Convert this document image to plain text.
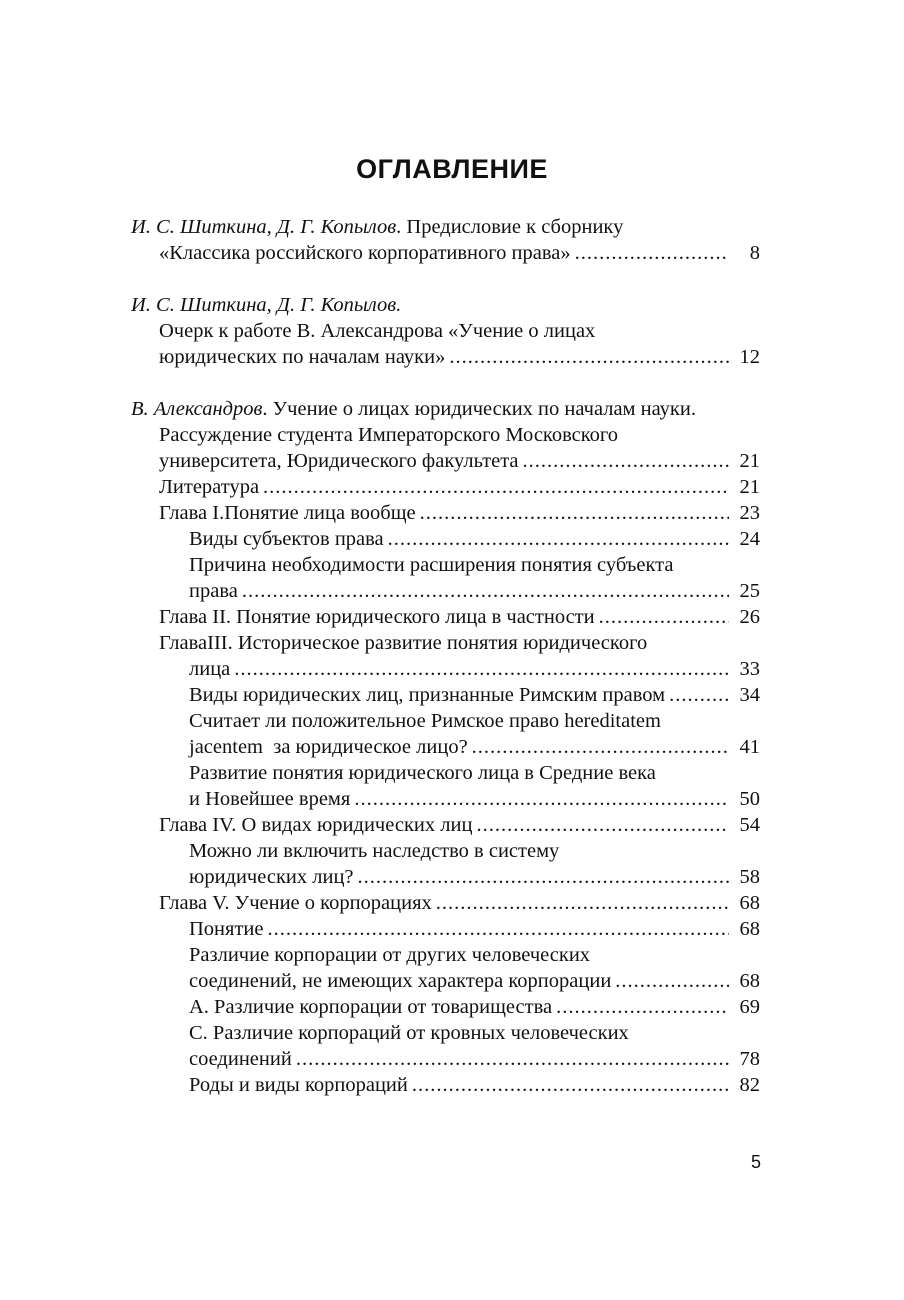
ОГЛАВЛЕНИЕ
И. С. Шиткина, Д. Г. Копылов. Предисловие к сборнику
«Классика российского корпоративного права» .....	8
И. С. Шиткина, Д. Г. Копылов.
Очерк к работе В. Александрова «Учение о лицах
юридических по началам науки» .....	12
В. Александров. Учение о лицах юридических по началам науки.
Рассуждение студента Императорского Московского
университета, Юридического факультета .....	21
Литература .....	21
Глава I.Понятие лица вообще .....	23
Виды субъектов права .....	24
Причина необходимости расширения понятия субъекта
права .....	25
Глава II. Понятие юридического лица в частности .....	26
ГлаваIII. Историческое развитие понятия юридического
лица .....	33
Виды юридических лиц, признанные Римским правом .....	34
Считает ли положительное Римское право hereditatem
jacentem  за юридическое лицо? .....	41
Развитие понятия юридического лица в Средние века
и Новейшее время .....	50
Глава IV. О видах юридических лиц .....	54
Можно ли включить наследство в систему
юридических лиц? .....	58
Глава V. Учение о корпорациях .....	68
Понятие .....	68
Различие корпорации от других человеческих
соединений, не имеющих характера корпорации .....	68
А. Различие корпорации от товарищества .....	69
С. Различие корпораций от кровных человеческих
соединений .....	78
Роды и виды корпораций .....	82
5
